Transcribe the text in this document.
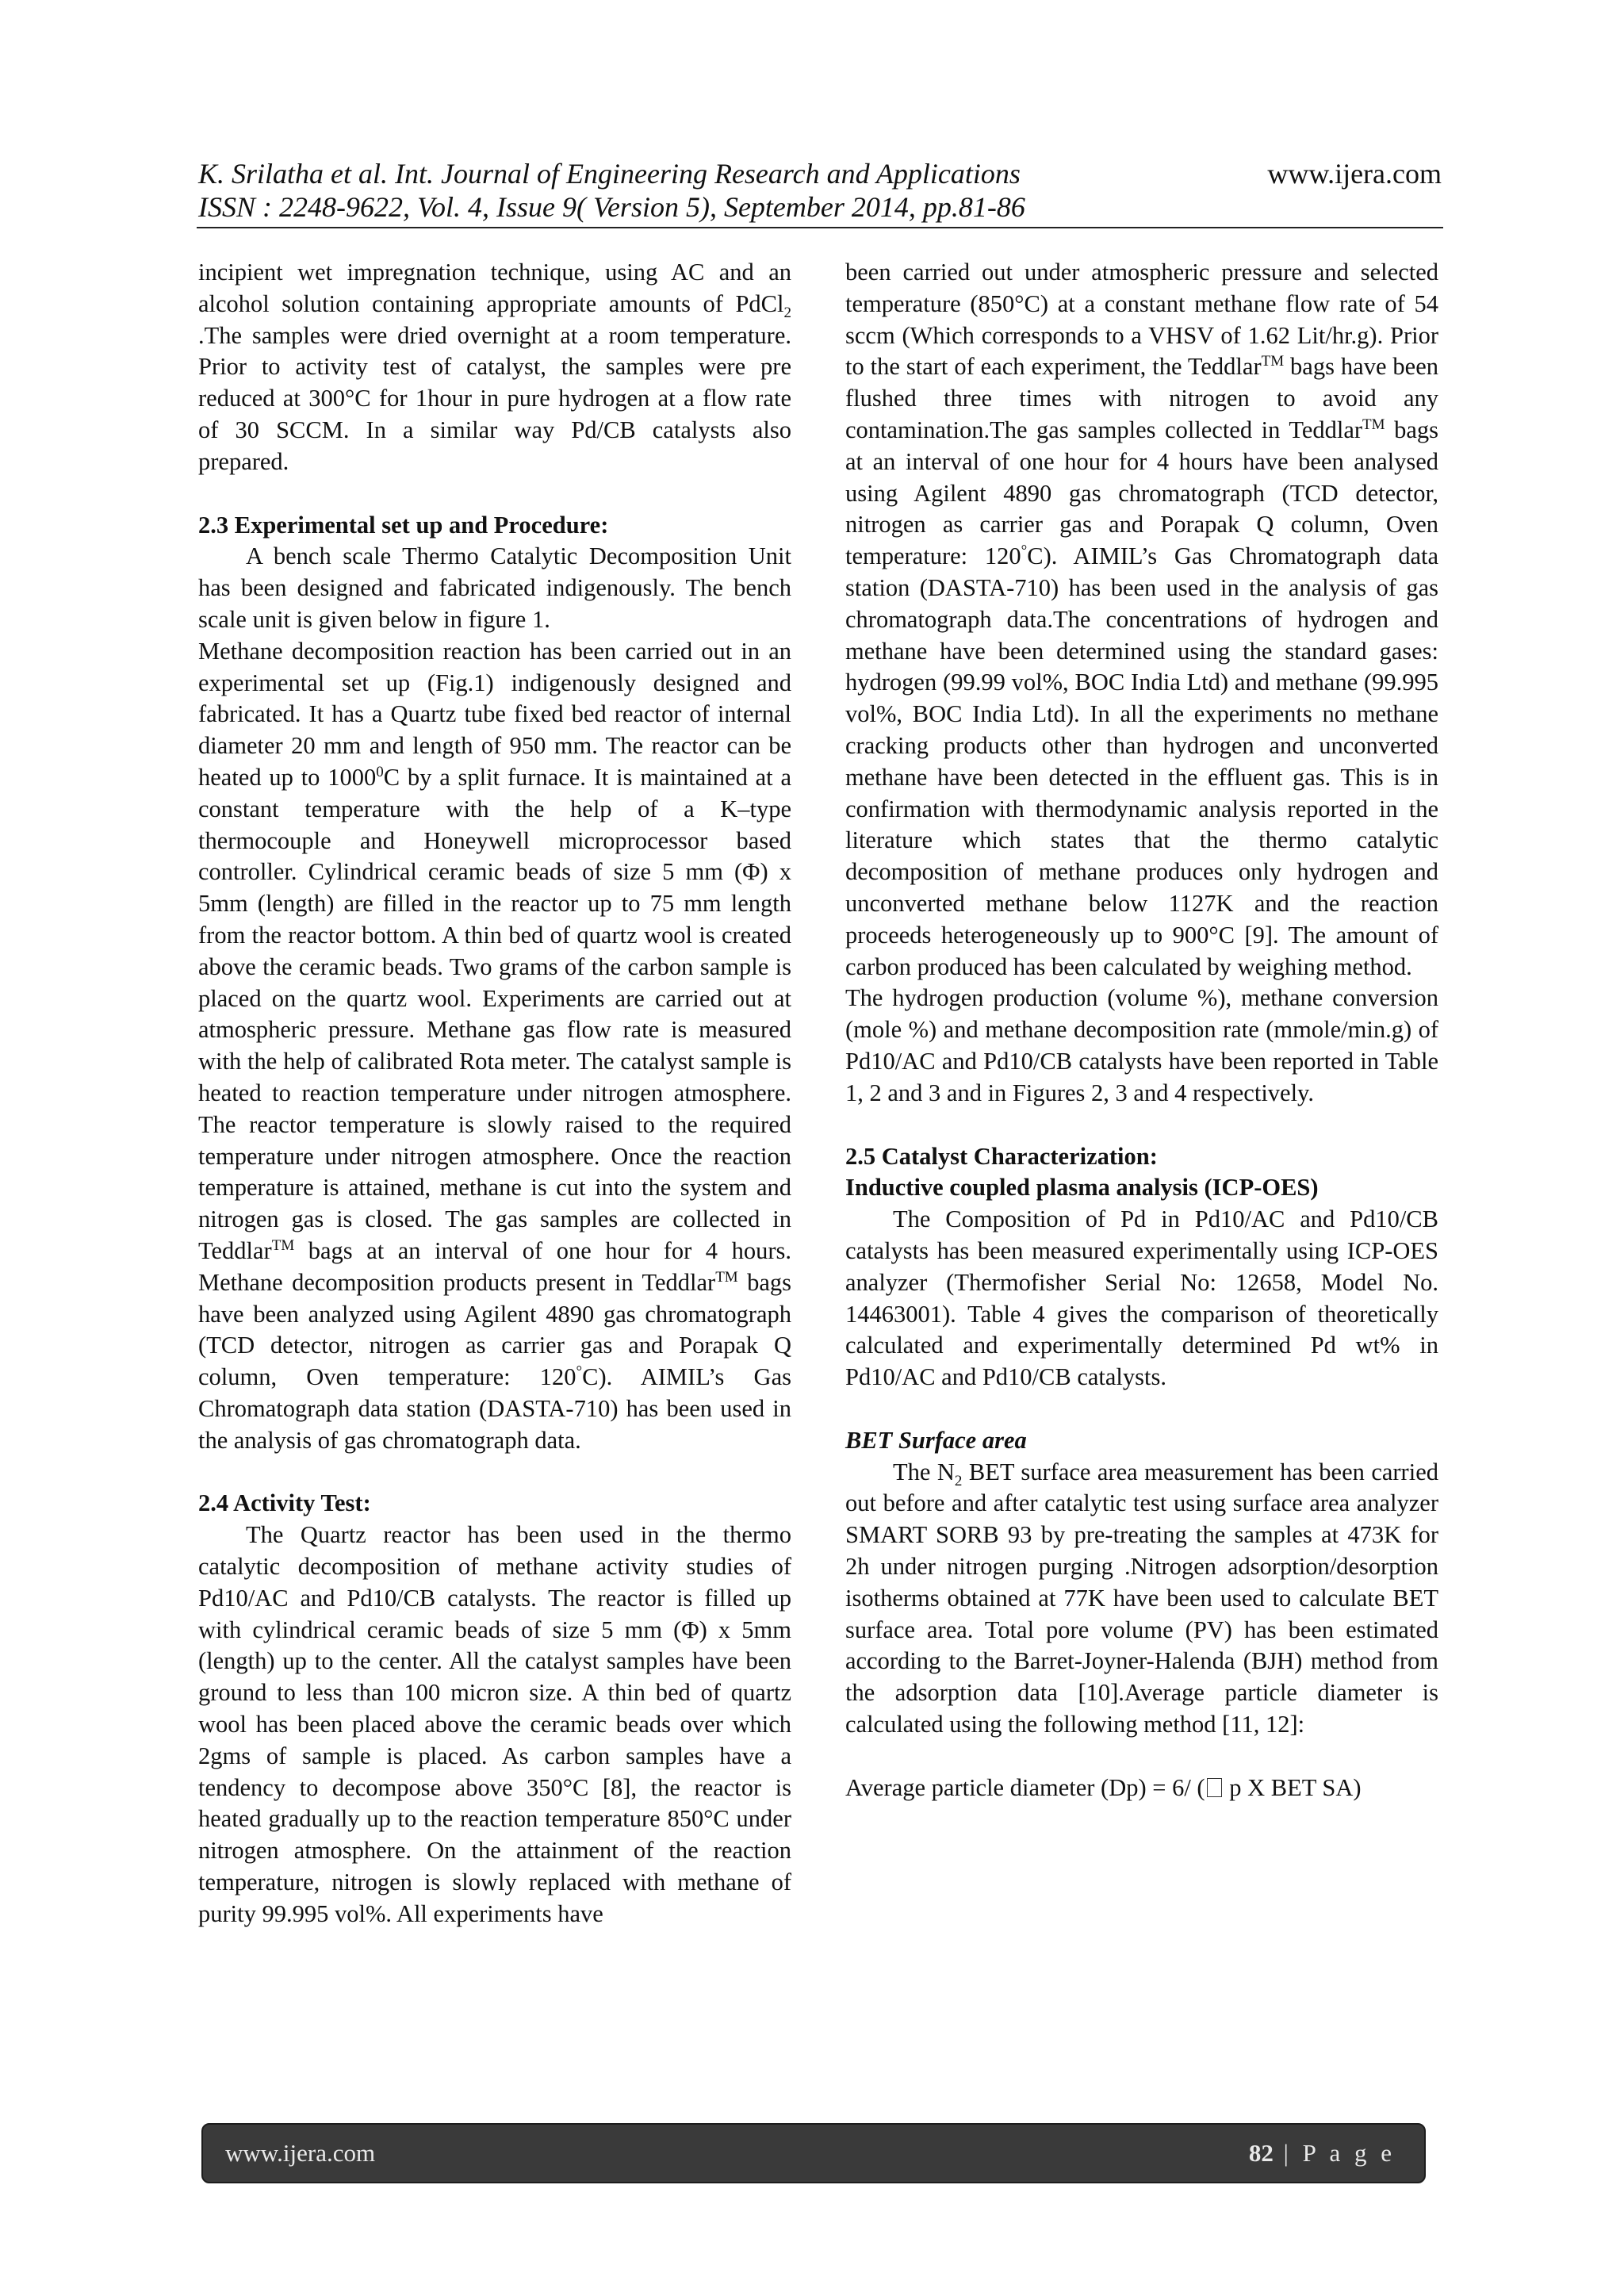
K. Srilatha et al. Int. Journal of Engineering Research and Applications
ISSN : 2248-9622, Vol. 4, Issue 9( Version 5), September 2014, pp.81-86
www.ijera.com

incipient wet impregnation technique, using AC and an alcohol solution containing appropriate amounts of PdCl$_2$ .The samples were dried overnight at a room temperature. Prior to activity test of catalyst, the samples were pre reduced at 300°C for 1hour in pure hydrogen at a flow rate of 30 SCCM. In a similar way Pd/CB catalysts also prepared.

2.3 Experimental set up and Procedure:

A bench scale Thermo Catalytic Decomposition Unit has been designed and fabricated indigenously. The bench scale unit is given below in figure 1.

Methane decomposition reaction has been carried out in an experimental set up (Fig.1) indigenously designed and fabricated. It has a Quartz tube fixed bed reactor of internal diameter 20 mm and length of 950 mm. The reactor can be heated up to 1000$^0$C by a split furnace. It is maintained at a constant temperature with the help of a K–type thermocouple and Honeywell microprocessor based controller. Cylindrical ceramic beads of size 5 mm (Φ) x 5mm (length) are filled in the reactor up to 75 mm length from the reactor bottom. A thin bed of quartz wool is created above the ceramic beads. Two grams of the carbon sample is placed on the quartz wool. Experiments are carried out at atmospheric pressure. Methane gas flow rate is measured with the help of calibrated Rota meter. The catalyst sample is heated to reaction temperature under nitrogen atmosphere. The reactor temperature is slowly raised to the required temperature under nitrogen atmosphere. Once the reaction temperature is attained, methane is cut into the system and nitrogen gas is closed. The gas samples are collected in Teddlar™ bags at an interval of one hour for 4 hours. Methane decomposition products present in Teddlar™ bags have been analyzed using Agilent 4890 gas chromatograph (TCD detector, nitrogen as carrier gas and Porapak Q column, Oven temperature: 120°C). AIMIL’s Gas Chromatograph data station (DASTA-710) has been used in the analysis of gas chromatograph data.

2.4 Activity Test:

The Quartz reactor has been used in the thermo catalytic decomposition of methane activity studies of Pd10/AC and Pd10/CB catalysts. The reactor is filled up with cylindrical ceramic beads of size 5 mm (Φ) x 5mm (length) up to the center. All the catalyst samples have been ground to less than 100 micron size. A thin bed of quartz wool has been placed above the ceramic beads over which 2gms of sample is placed. As carbon samples have a tendency to decompose above 350°C [8], the reactor is heated gradually up to the reaction temperature 850°C under nitrogen atmosphere. On the attainment of the reaction temperature, nitrogen is slowly replaced with methane of purity 99.995 vol%. All experiments have

been carried out under atmospheric pressure and selected temperature (850°C) at a constant methane flow rate of 54 sccm (Which corresponds to a VHSV of 1.62 Lit/hr.g). Prior to the start of each experiment, the Teddlar™ bags have been flushed three times with nitrogen to avoid any contamination.The gas samples collected in Teddlar™ bags at an interval of one hour for 4 hours have been analysed using Agilent 4890 gas chromatograph (TCD detector, nitrogen as carrier gas and Porapak Q column, Oven temperature: 120°C). AIMIL’s Gas Chromatograph data station (DASTA-710) has been used in the analysis of gas chromatograph data.The concentrations of hydrogen and methane have been determined using the standard gases: hydrogen (99.99 vol%, BOC India Ltd) and methane (99.995 vol%, BOC India Ltd). In all the experiments no methane cracking products other than hydrogen and unconverted methane have been detected in the effluent gas. This is in confirmation with thermodynamic analysis reported in the literature which states that the thermo catalytic decomposition of methane produces only hydrogen and unconverted methane below 1127K and the reaction proceeds heterogeneously up to 900°C [9]. The amount of carbon produced has been calculated by weighing method.

The hydrogen production (volume %), methane conversion (mole %) and methane decomposition rate (mmole/min.g) of Pd10/AC and Pd10/CB catalysts have been reported in Table 1, 2 and 3 and in Figures 2, 3 and 4 respectively.

2.5 Catalyst Characterization:
Inductive coupled plasma analysis (ICP-OES)

The Composition of Pd in Pd10/AC and Pd10/CB catalysts has been measured experimentally using ICP-OES analyzer (Thermofisher Serial No: 12658, Model No. 14463001). Table 4 gives the comparison of theoretically calculated and experimentally determined Pd wt% in Pd10/AC and Pd10/CB catalysts.

BET Surface area

The $N_2$ BET surface area measurement has been carried out before and after catalytic test using surface area analyzer SMART SORB 93 by pre-treating the samples at 473K for 2h under nitrogen purging .Nitrogen adsorption/desorption isotherms obtained at 77K have been used to calculate BET surface area. Total pore volume (PV) has been estimated according to the Barret-Joyner-Halenda (BJH) method from the adsorption data [10].Average particle diameter is calculated using the following method [11, 12]:

Average particle diameter (Dp) = 6/ ( p X BET SA)

www.ijera.com	82 | P a g e
